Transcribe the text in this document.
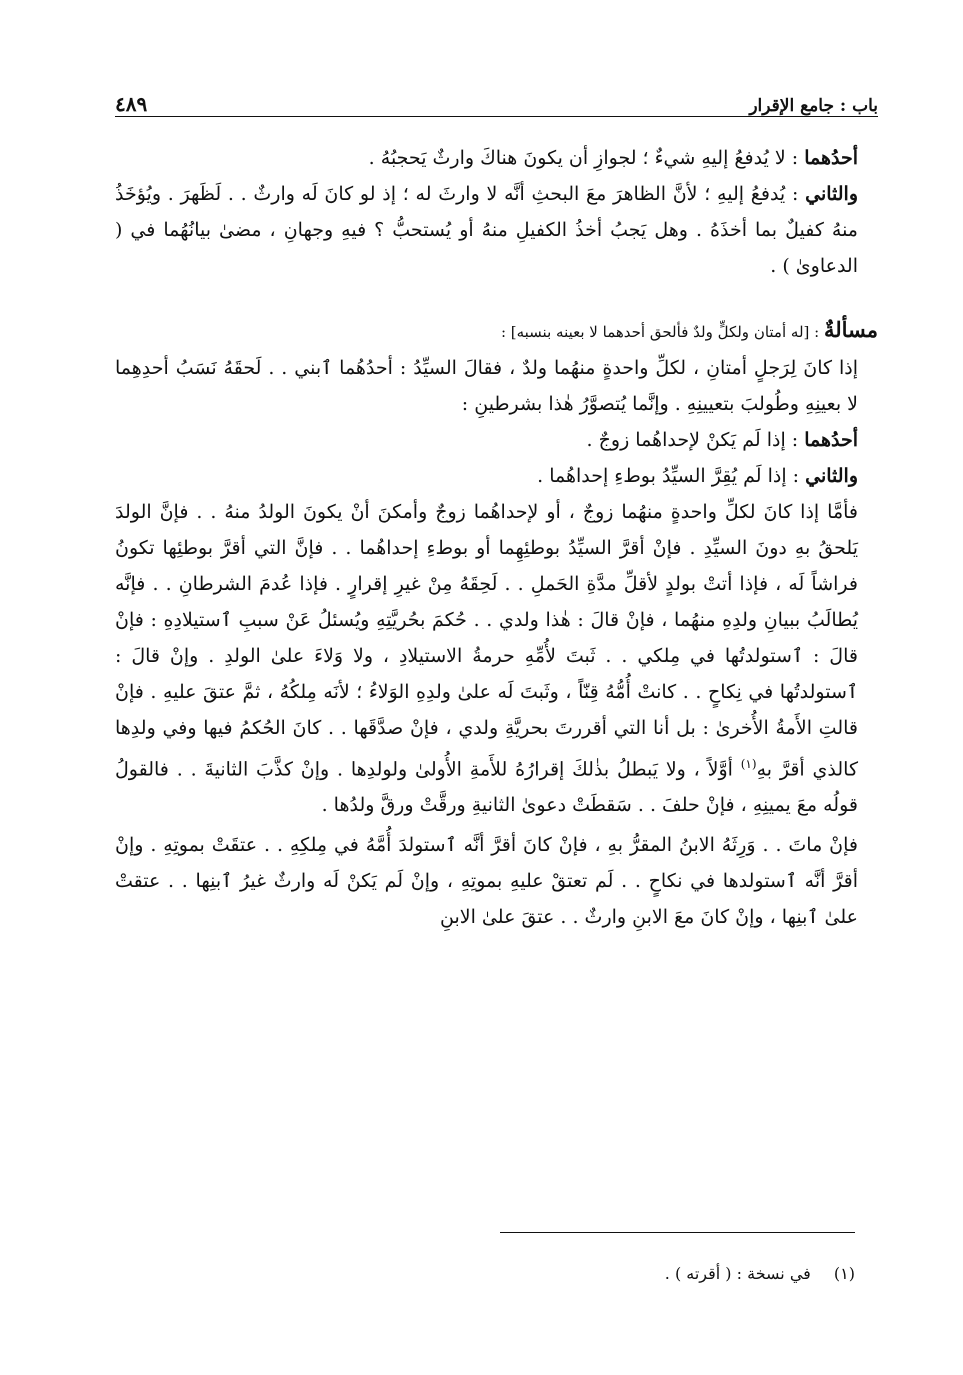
باب : جامع الإقرار
٤٨٩

أحدُهما : لا يُدفعُ إليهِ شيءٌ ؛ لجوازِ أن يكونَ هناكَ وارثٌ يَحجبُهُ .

والثاني : يُدفعُ إليهِ ؛ لأنَّ الظاهرَ معَ البحثِ أنَّه لا وارثَ له ؛ إذ لو كانَ لَه وارثٌ . . لَظَهرَ . ويُؤخَذُ منهُ كفيلٌ بما أخذَهُ . وهل يَجبُ أخذُ الكفيلِ منهُ أو يُستحبُّ ؟ فيهِ وجهانِ ، مضىٰ بيانُهُما في ( الدعاوىٰ ) .

مسألةٌ : [له أمتان ولكلٍّ ولدٌ فألحق أحدهما لا بعينه بنسبه] :

إذا كانَ لِرَجلٍ أمتانِ ، لكلِّ واحدةٍ منهُما ولدٌ ، فقالَ السيِّدُ : أحدُهُما ٱبني . . لَحقَهُ نَسَبُ أحدِهِما لا بعينِهِ وطُولبَ بتعيينِهِ . وإنَّما يُتصوَّرُ هٰذا بشرطينِ :

أحدُهما : إذا لَم يَكنْ لإحداهُما زوجٌ .

والثاني : إذا لَم يُقِرَّ السيِّدُ بوطءِ إحداهُما .

فأمَّا إذا كانَ لكلِّ واحدةٍ منهُما زوجٌ ، أو لإحداهُما زوجٌ وأمكنَ أنْ يكونَ الولدُ منهُ . . فإنَّ الولدَ يَلحقُ بهِ دونَ السيِّدِ . فإنْ أقرَّ السيِّدُ بوطئِهِما أو بوطءِ إحداهُما . . فإنَّ التي أقرَّ بوطئِها تكونُ فراشاً لَه ، فإذا أتتْ بولدٍ لأقلِّ مدَّةِ الحَملِ . . لَحِقَهُ مِنْ غيرِ إقرارٍ . فإذا عُدمَ الشرطانِ . . فإنَّه يُطالَبُ ببيانِ ولدِهِ منهُما ، فإنْ قالَ : هٰذا ولدي . . حُكمَ بحُريَّتِهِ ويُسئلُ عَنْ سببِ ٱستيلادِهِ : فإنْ قالَ : ٱستولدتُها في مِلكي . . ثَبتَ لأُمِّهِ حرمةُ الاستيلادِ ، ولا وَلاءَ علىٰ الولدِ . وإنْ قالَ : ٱستولدتُها في نِكاحٍ . . كانتْ أُمُّهُ قِنّاً ، وثَبتَ لَه علىٰ ولدِهِ الوَلاءُ ؛ لأنَه مِلكُهُ ، ثمَّ عتقَ عليهِ . فإنْ قالتِ الأَمةُ الأُخرىٰ : بل أنا التي أقررتَ بحريَّةِ ولدي ، فإنْ صدَّقَها . . كانَ الحُكمُ فيها وفي ولدِها كالذي أقرَّ بهِ$^{(١)}$ أوَّلاً ، ولا يَبطلُ بذٰلكَ إقرارُهُ للأَمةِ الأُولىٰ ولولدِها . وإنْ كذَّبَ الثانيةَ . . فالقولُ قولُه معَ يمينِهِ ، فإنْ حلفَ . . سَقطَتْ دعوىٰ الثانيةِ ورقَّتْ ورقَّ ولدُها .

فإنْ ماتَ . . وَرِثَهُ الابنُ المقرُّ بهِ ، فإنْ كانَ أقرَّ أنَّه ٱستولدَ أُمَّهُ في مِلكِهِ . . عتقَتْ بموتِهِ . وإنْ أقرَّ أنَّه ٱستولدها في نكاحٍ . . لَم تعتقْ عليهِ بموتِهِ ، وإنْ لَم يَكنْ لَه وارثٌ غيرُ ٱبنِها . . عتقتْ علىٰ ٱبنِها ، وإنْ كانَ معَ الابنِ وارثٌ . . عتقَ علىٰ الابنِ

(١) في نسخة : ( أقرته ) .
